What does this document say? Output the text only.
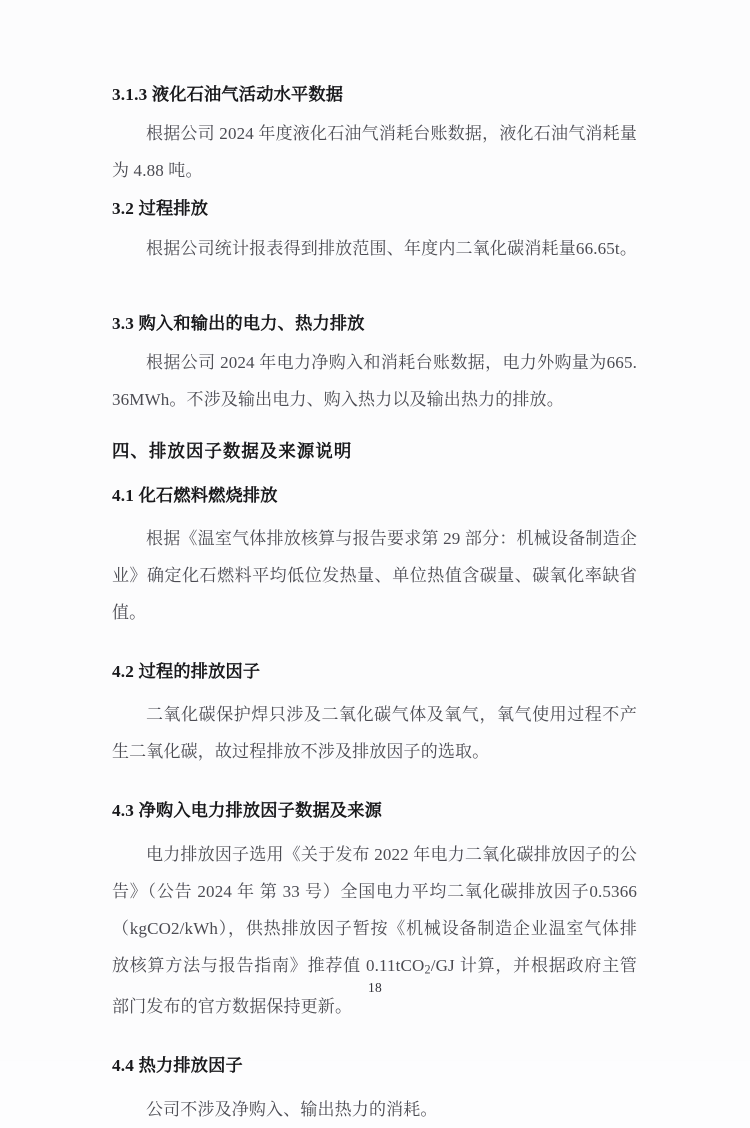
3.1.3 液化石油气活动水平数据

根据公司 2024 年度液化石油气消耗台账数据，液化石油气消耗量为 4.88 吨。

3.2 过程排放

根据公司统计报表得到排放范围、年度内二氧化碳消耗量66.65t。

3.3 购入和输出的电力、热力排放

根据公司 2024 年电力净购入和消耗台账数据，电力外购量为665.36MWh。不涉及输出电力、购入热力以及输出热力的排放。

四、排放因子数据及来源说明
4.1 化石燃料燃烧排放

根据《温室气体排放核算与报告要求第 29 部分：机械设备制造企业》确定化石燃料平均低位发热量、单位热值含碳量、碳氧化率缺省值。

4.2 过程的排放因子

二氧化碳保护焊只涉及二氧化碳气体及氧气，氧气使用过程不产生二氧化碳，故过程排放不涉及排放因子的选取。

4.3 净购入电力排放因子数据及来源

电力排放因子选用《关于发布 2022 年电力二氧化碳排放因子的公告》（公告 2024 年 第 33 号）全国电力平均二氧化碳排放因子0.5366（kgCO2/kWh），供热排放因子暂按《机械设备制造企业温室气体排放核算方法与报告指南》推荐值 0.11tCO$_2$/GJ 计算，并根据政府主管部门发布的官方数据保持更新。

4.4 热力排放因子

公司不涉及净购入、输出热力的消耗。

18
